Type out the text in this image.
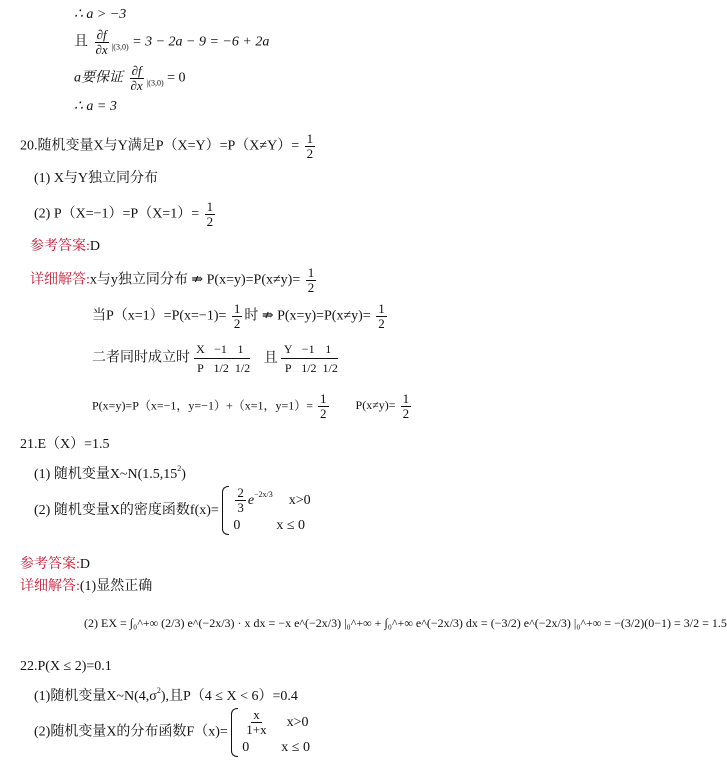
∴ a > −3
且 $\frac{\partial f}{\partial x} _{|(3,0)} = 3 - 2a - 9 = -6 + 2a$
a要保证 $\frac{\partial f}{\partial x} _{|(3,0)} = 0$
∴ a = 3
20.随机变量X与Y满足$P(X=Y)=P(X\ne Y)= \frac{1}{2}$
(1) X与Y独立同分布
(2) $P(X=-1)=P(X=1)= \frac{1}{2}$
参考答案:D
详细解答:x与y独立同分布 ⇏ $P(x=y)=P(x\ne y)= \frac{1}{2}$
当$P(x=1)=P(x=-1)= \frac{1}{2}$ 时 ⇏ $P(x=y)=P(x\ne y)= \frac{1}{2}$
二者同时成立时 $\frac{X -1 1}{P 1/2 1/2}$ 且 $\frac{Y -1 1}{P 1/2 1/2}$
P(x=y)=P（x=−1，y=−1）+（x=1，$y=1)= \frac{1}{2} P(x\ne y)= \frac{1}{2}$
21.E（X）=1.5
(1) 随机变量X~N(1.5,15$^2$)
(2) 随机变量X的密度函数$f(x)= \frac{2}{3} e^{-2x/3}$ x>0
0	x ≤ 0
参考答案:D
详细解答:(1)显然正确
(2) EX = ∫₀^+∞ (2/3) e^(−2x/3) · x dx = −x e^(−2x/3) |₀^+∞ + ∫₀^+∞ e^(−2x/3) dx = (−3/2) e^(−2x/3) |₀^+∞ = −(3/2)(0−1) = 3/2 = 1.5
22.P(X ≤ 2)=0.1
(1)随机变量$X\sim N(4,\sigma^2)$,且P（4 ≤ X < 6）=0.4
(2)随机变量X的分布函数$F(x)= \frac{x}{1+x} x>0$
0 x ≤ 0
